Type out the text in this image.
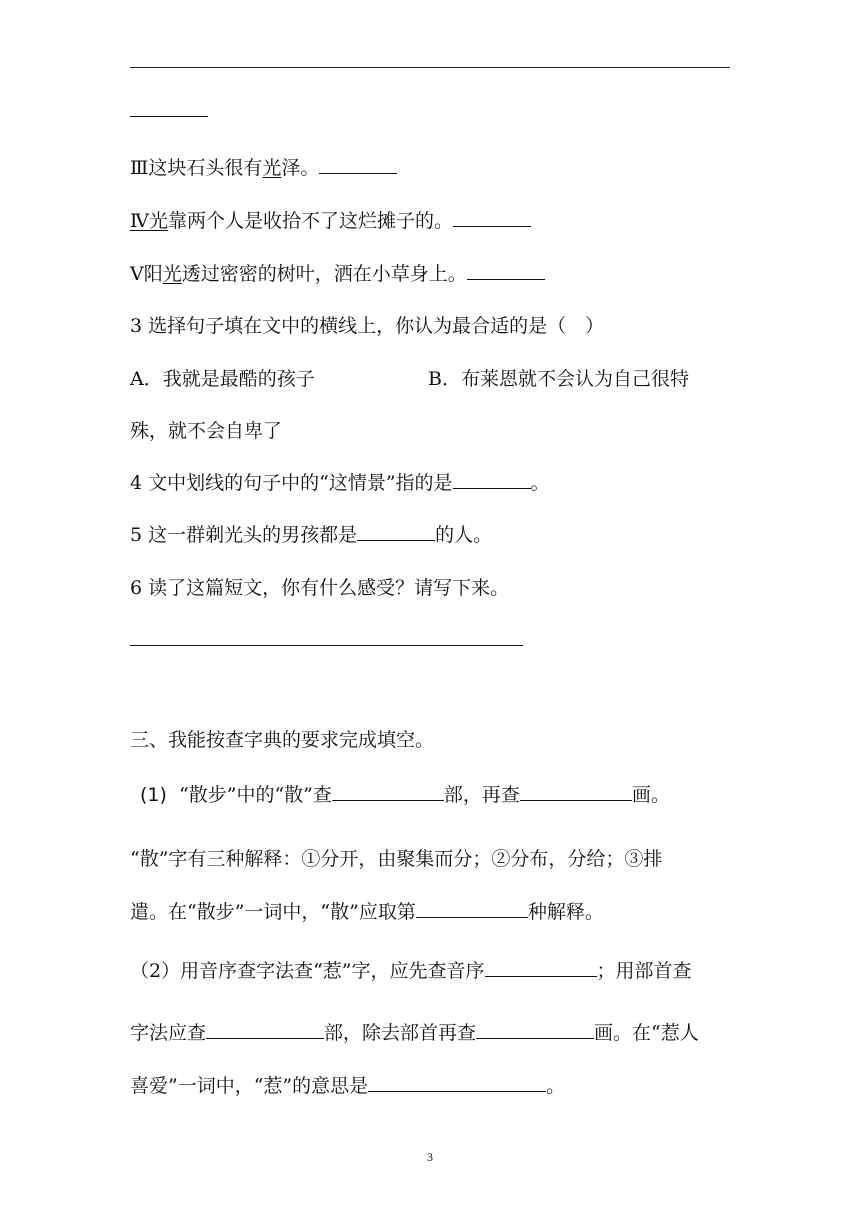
Ⅲ这块石头很有光泽。
Ⅳ光靠两个人是收拾不了这烂摊子的。
Ⅴ阳光透过密密的树叶，洒在小草身上。
3 选择句子填在文中的横线上，你认为最合适的是（　）
A．我就是最酷的孩子	B．布莱恩就不会认为自己很特
殊，就不会自卑了
4 文中划线的句子中的“这情景”指的是	。
5 这一群剃光头的男孩都是	的人。
6 读了这篇短文，你有什么感受？请写下来。
三、我能按查字典的要求完成填空。
(1) “散步”中的“散”查	部，再查	画。
“散”字有三种解释：①分开，由聚集而分；②分布，分给；③排
遣。在“散步”一词中，“散”应取第	种解释。
（2）用音序查字法查“惹”字，应先查音序	；用部首查
字法应查	部，除去部首再查	画。在“惹人
喜爱”一词中，“惹”的意思是	。
3
